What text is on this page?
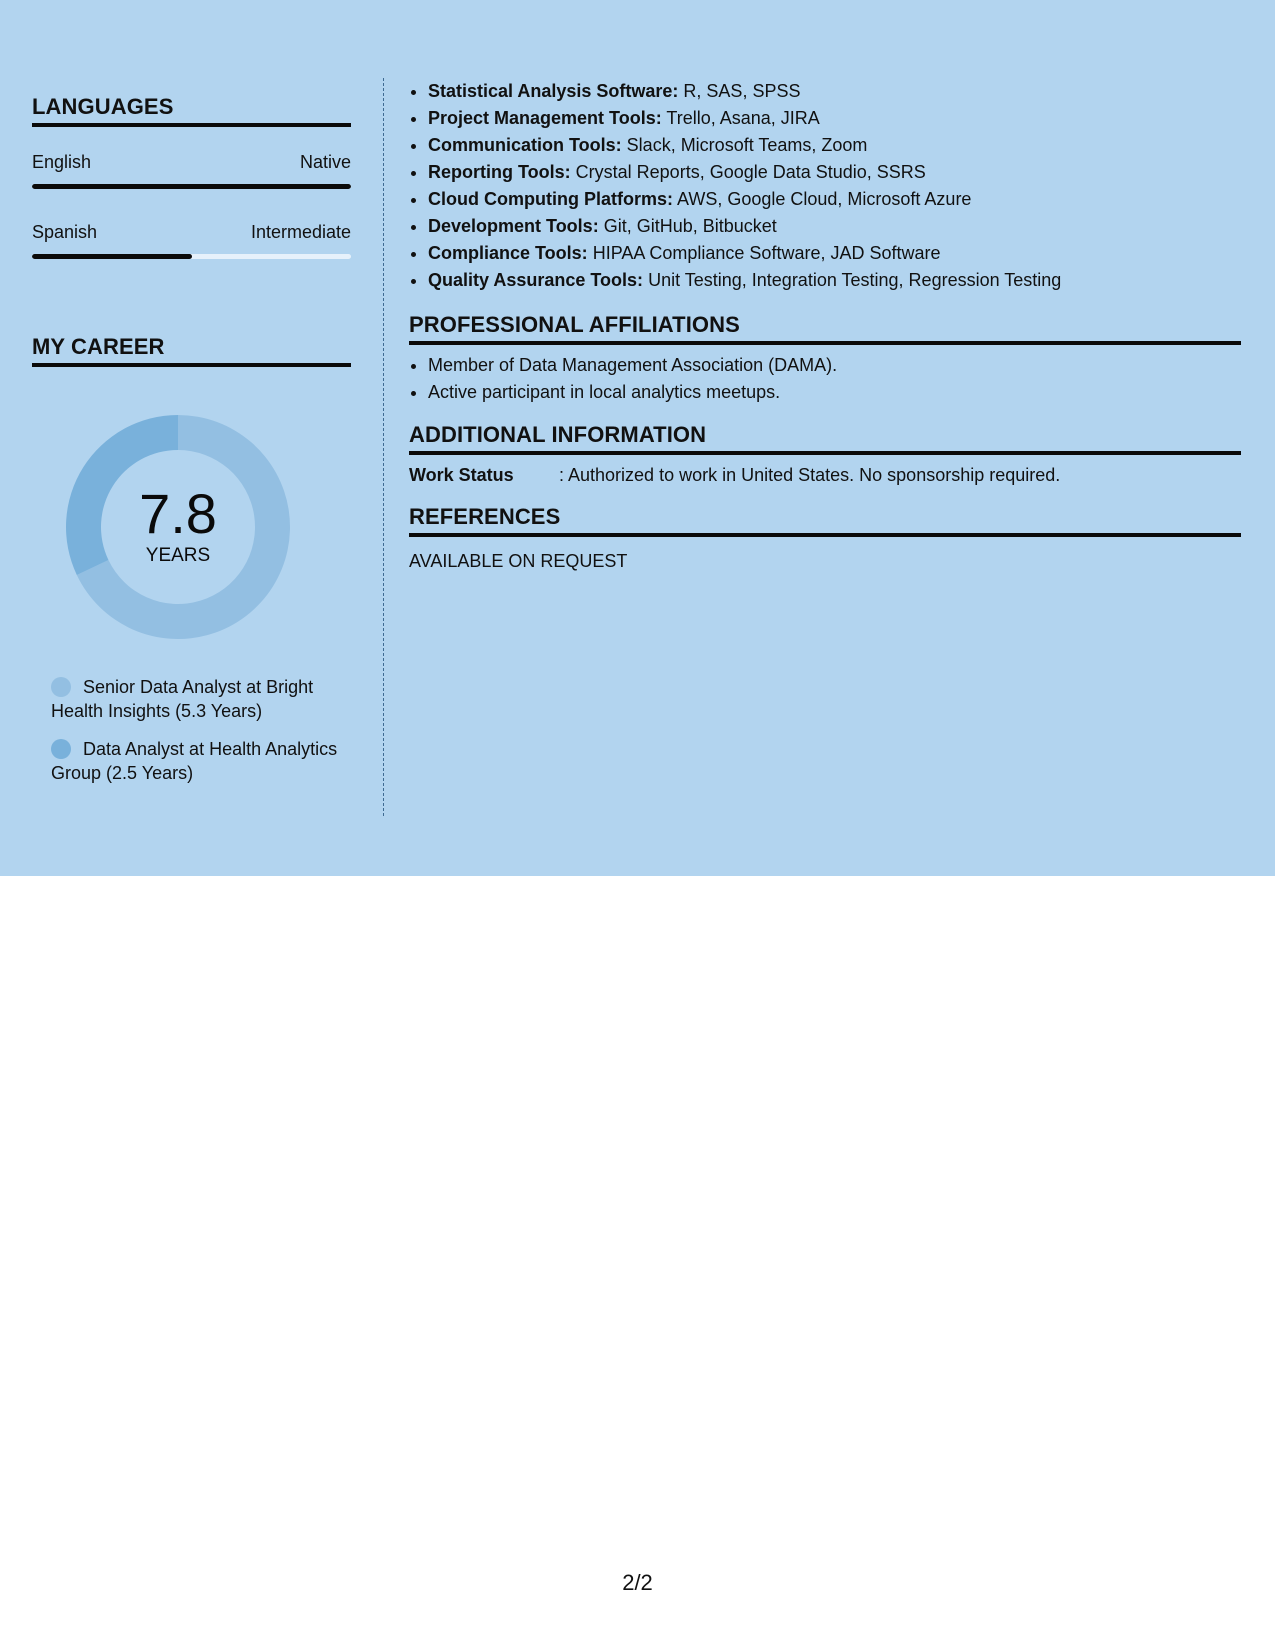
LANGUAGES
English	Native
Spanish	Intermediate
MY CAREER
7.8
YEARS
Senior Data Analyst at Bright Health Insights (5.3 Years)
Data Analyst at Health Analytics Group (2.5 Years)
• Statistical Analysis Software: R, SAS, SPSS
• Project Management Tools: Trello, Asana, JIRA
• Communication Tools: Slack, Microsoft Teams, Zoom
• Reporting Tools: Crystal Reports, Google Data Studio, SSRS
• Cloud Computing Platforms: AWS, Google Cloud, Microsoft Azure
• Development Tools: Git, GitHub, Bitbucket
• Compliance Tools: HIPAA Compliance Software, JAD Software
• Quality Assurance Tools: Unit Testing, Integration Testing, Regression Testing
PROFESSIONAL AFFILIATIONS
• Member of Data Management Association (DAMA).
• Active participant in local analytics meetups.
ADDITIONAL INFORMATION
Work Status	: Authorized to work in United States. No sponsorship required.
REFERENCES
AVAILABLE ON REQUEST
2/2
